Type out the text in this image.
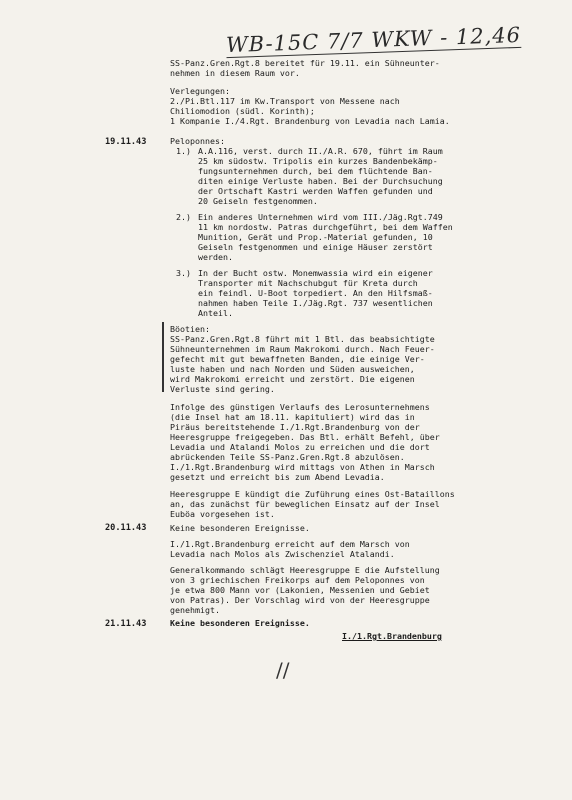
WB-15C 7/7 WKW - 12,46
SS-Panz.Gren.Rgt.8 bereitet für 19.11. ein Sühneunter-
nehmen in diesem Raum vor.
Verlegungen:
2./Pi.Btl.117 im Kw.Transport von Messene nach
Chiliomodion (südl. Korinth);
1 Kompanie I./4.Rgt. Brandenburg von Levadia nach Lamia.
19.11.43	Peloponnes:
1.) A.A.116, verst. durch II./A.R. 670, führt im Raum
25 km südostw. Tripolis ein kurzes Bandenbekämp-
fungsunternehmen durch, bei dem flüchtende Ban-
diten einige Verluste haben. Bei der Durchsuchung
der Ortschaft Kastri werden Waffen gefunden und
20 Geiseln festgenommen.
2.) Ein anderes Unternehmen wird vom III./Jäg.Rgt.749
11 km nordostw. Patras durchgeführt, bei dem Waffen
Munition, Gerät und Prop.-Material gefunden, 10
Geiseln festgenommen und einige Häuser zerstört
werden.
3.) In der Bucht ostw. Monemwassia wird ein eigener
Transporter mit Nachschubgut für Kreta durch
ein feindl. U-Boot torpediert. An den Hilfsmaß-
nahmen haben Teile I./Jäg.Rgt. 737 wesentlichen
Anteil.
Böotien:
SS-Panz.Gren.Rgt.8 führt mit 1 Btl. das beabsichtigte
Sühneunternehmen im Raum Makrokomi durch. Nach Feuer-
gefecht mit gut bewaffneten Banden, die einige Ver-
luste haben und nach Norden und Süden ausweichen,
wird Makrokomi erreicht und zerstört. Die eigenen
Verluste sind gering.
Infolge des günstigen Verlaufs des Lerosunternehmens
(die Insel hat am 18.11. kapituliert) wird das in
Piräus bereitstehende I./1.Rgt.Brandenburg von der
Heeresgruppe freigegeben. Das Btl. erhält Befehl, über
Levadia und Atalandi Molos zu erreichen und die dort
abrückenden Teile SS-Panz.Gren.Rgt.8 abzulösen.
I./1.Rgt.Brandenburg wird mittags von Athen in Marsch
gesetzt und erreicht bis zum Abend Levadia.
Heeresgruppe E kündigt die Zuführung eines Ost-Bataillons
an, das zunächst für beweglichen Einsatz auf der Insel
Euböa vorgesehen ist.
20.11.43	Keine besonderen Ereignisse.
I./1.Rgt.Brandenburg erreicht auf dem Marsch von
Levadia nach Molos als Zwischenziel Atalandi.
Generalkommando schlägt Heeresgruppe E die Aufstellung
von 3 griechischen Freikorps auf dem Peloponnes von
je etwa 800 Mann vor (Lakonien, Messenien und Gebiet
von Patras). Der Vorschlag wird von der Heeresgruppe
genehmigt.
21.11.43	Keine besonderen Ereignisse.
I./1.Rgt.Brandenburg
//
